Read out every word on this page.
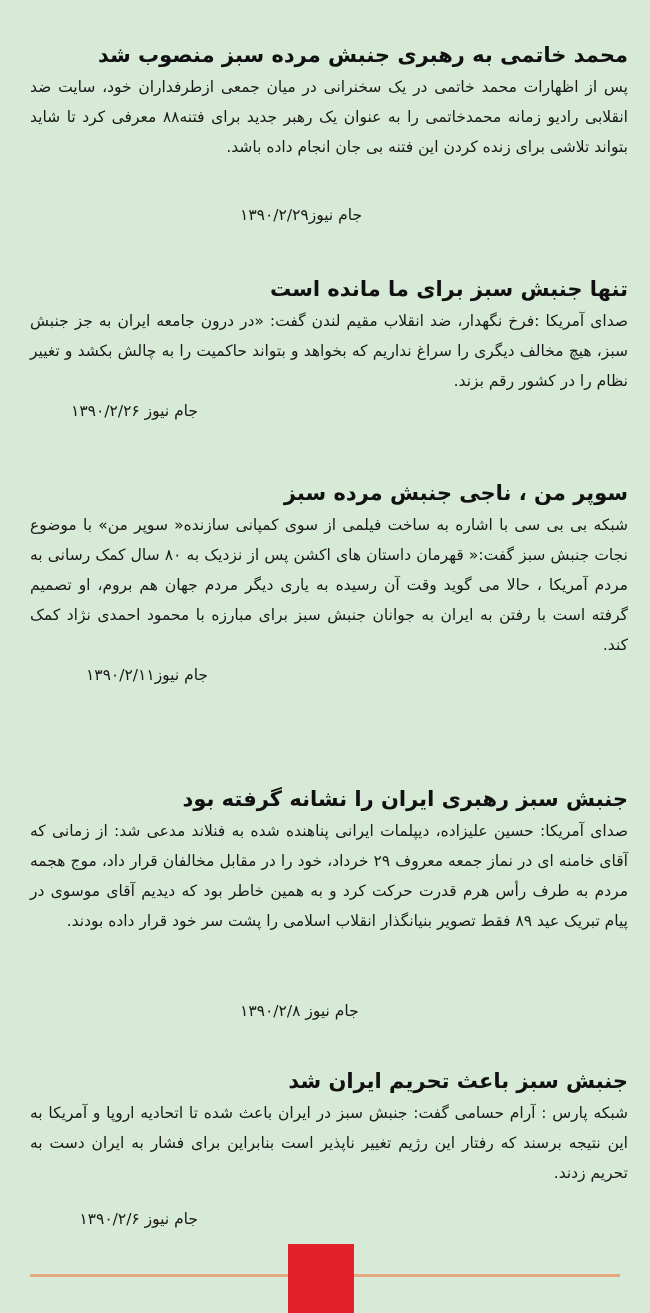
محمد خاتمی به رهبری جنبش مرده سبز منصوب شد

پس از اظهارات محمد خاتمی در یک سخنرانی در میان جمعی ازطرفداران خود، سایت ضد انقلابی رادیو زمانه محمدخاتمی را به عنوان یک رهبر جدید برای فتنه۸۸ معرفی کرد تا شاید بتواند تلاشی برای زنده کردن این فتنه بی جان انجام داده باشد.

جام نیوز۱۳۹۰/۲/۲۹
تنها جنبش سبز برای ما مانده است

صدای آمریکا :فرخ نگهدار، ضد انقلاب مقیم لندن گفت: «در درون جامعه ایران به جز جنبش سبز، هیچ مخالف دیگری را سراغ نداریم که بخواهد و بتواند حاکمیت را به چالش بکشد و تغییر نظام را در کشور رقم بزند.

جام نیوز ۱۳۹۰/۲/۲۶
سوپر من ، ناجی جنبش مرده سبز

شبکه بی بی سی با اشاره به ساخت فیلمی از سوی کمپانی سازنده« سوپر من» با موضوع نجات جنبش سبز گفت:« قهرمان داستان های اکشن پس از نزدیک به ۸۰ سال کمک رسانی به مردم آمریکا ، حالا می گوید وقت آن رسیده به یاری دیگر مردم جهان هم بروم، او تصمیم گرفته است با رفتن به ایران به جوانان جنبش سبز برای مبارزه با محمود احمدی نژاد کمک کند.

جام نیوز۱۳۹۰/۲/۱۱
جنبش سبز رهبری ایران را نشانه گرفته بود

صدای آمریکا: حسین علیزاده، دیپلمات ایرانی پناهنده شده به فنلاند مدعی شد: از زمانی که آقای خامنه ای در نماز جمعه معروف ۲۹ خرداد، خود را در مقابل مخالفان قرار داد، موج هجمه مردم به طرف رأس هرم قدرت حرکت کرد و به همین خاطر بود که دیدیم آقای موسوی در پیام تبریک عید ۸۹ فقط تصویر بنیانگذار انقلاب اسلامی را پشت سر خود قرار داده بودند.

جام نیوز ۱۳۹۰/۲/۸
جنبش سبز باعث تحریم ایران شد

شبکه پارس : آرام حسامی گفت: جنبش سبز در ایران باعث شده تا اتحادیه اروپا و آمریکا به این نتیجه برسند که رفتار این رژیم تغییر ناپذیر است بنابراین برای فشار به ایران دست به تحریم زدند.

جام نیوز ۱۳۹۰/۲/۶
